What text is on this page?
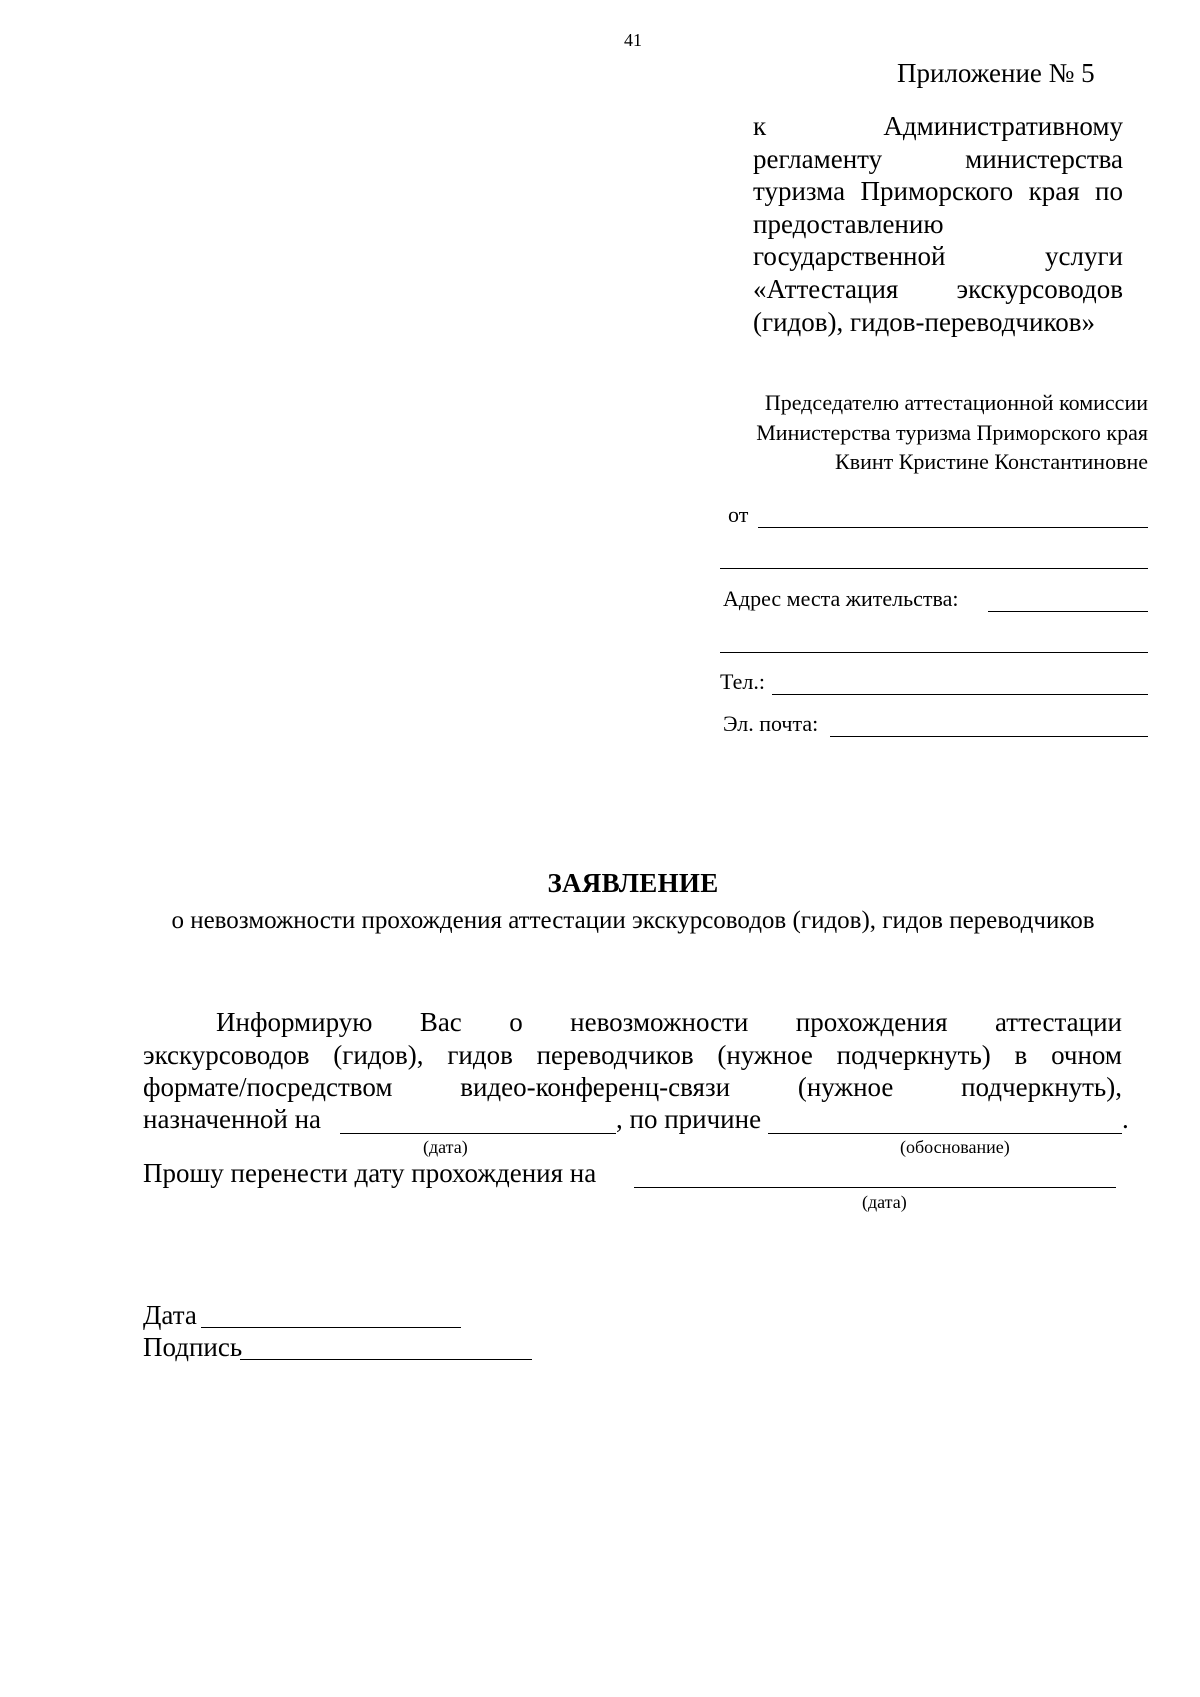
41
Приложение № 5
к Административному
регламенту министерства
туризма Приморского края по
предоставлению
государственной услуги
«Аттестация экскурсоводов
(гидов), гидов-переводчиков»
Председателю аттестационной комиссии
Министерства туризма Приморского края
Квинт Кристине Константиновне
от
Адрес места жительства:
Тел.:
Эл. почта:
ЗАЯВЛЕНИЕ
о невозможности прохождения аттестации экскурсоводов (гидов), гидов переводчиков
Информирую Вас о невозможности прохождения аттестации
экскурсоводов (гидов), гидов переводчиков (нужное подчеркнуть) в очном
формате/посредством видео-конференц-связи (нужное подчеркнуть),
назначенной на	, по причине	.
(дата)	(обоснование)
Прошу перенести дату прохождения на
(дата)
Дата
Подпись
